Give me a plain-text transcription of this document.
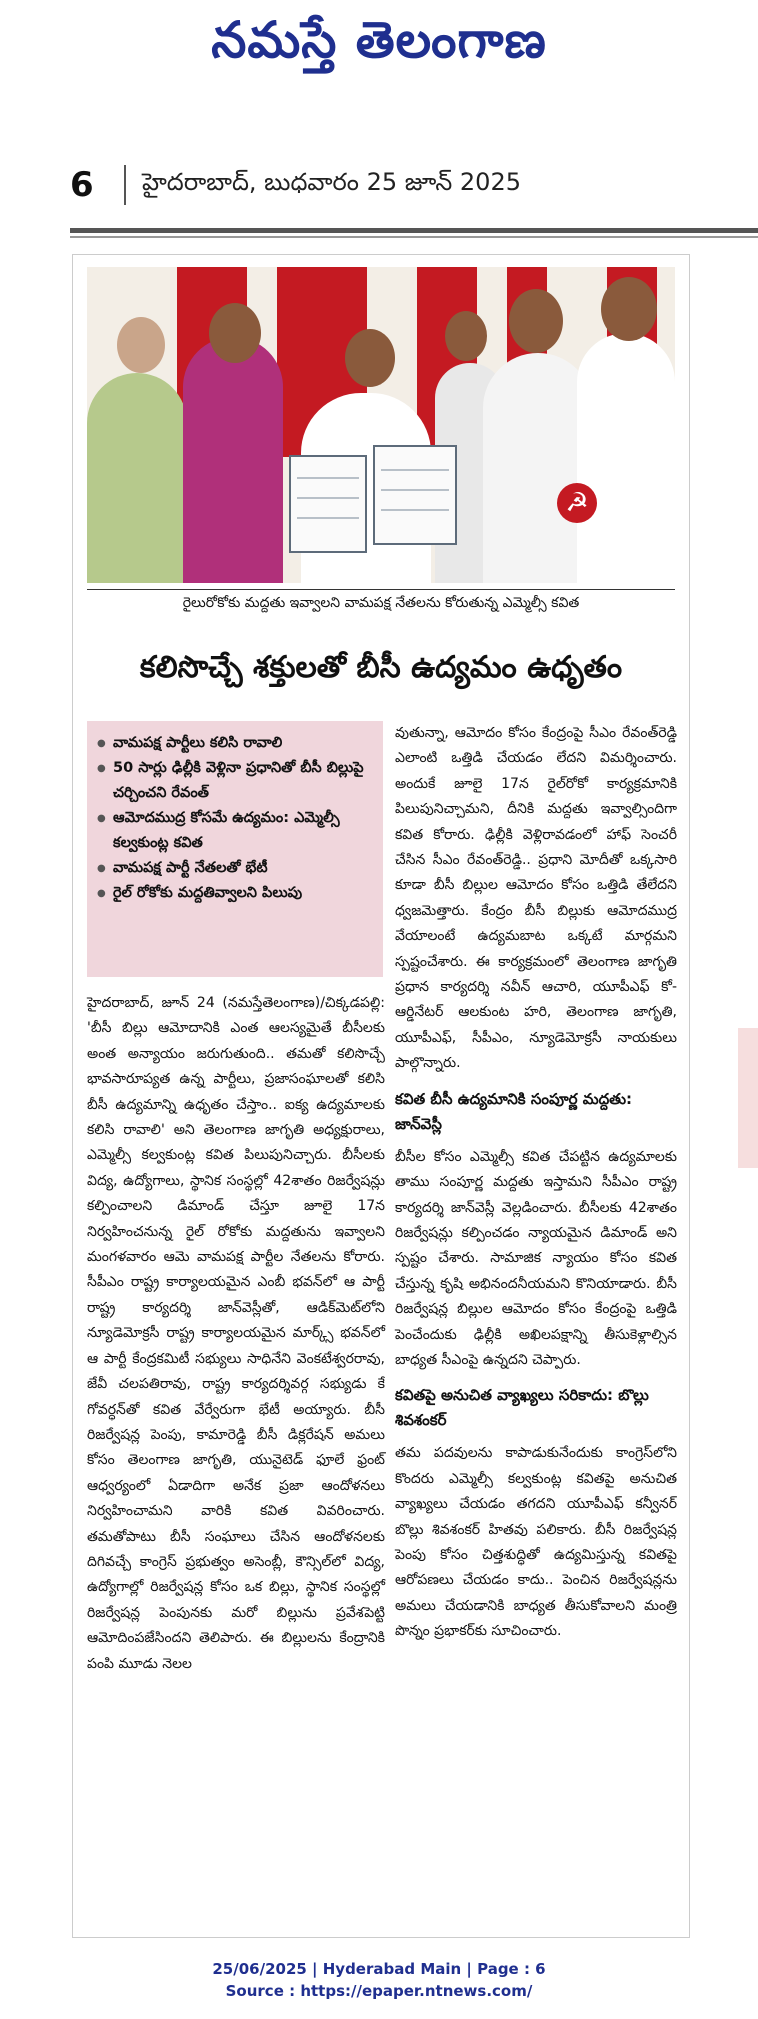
నమస్తే తెలంగాణ
6	హైదరాబాద్, బుధవారం 25 జూన్ 2025
☭
రైలురోకోకు మద్దతు ఇవ్వాలని వామపక్ష నేతలను కోరుతున్న ఎమ్మెల్సీ కవిత
కలిసొచ్చే శక్తులతో బీసీ ఉద్యమం ఉధృతం
● వామపక్ష పార్టీలు కలిసి రావాలి
● 50 సార్లు ఢిల్లీకి వెళ్లినా ప్రధానితో బీసీ బిల్లుపై చర్చించని రేవంత్
● ఆమోదముద్ర కోసమే ఉద్యమం: ఎమ్మెల్సీ కల్వకుంట్ల కవిత
● వామపక్ష పార్టీ నేతలతో భేటీ
● రైల్ రోకోకు మద్దతివ్వాలని పిలుపు
హైదరాబాద్, జూన్ 24 (నమస్తేతెలంగాణ)/చిక్కడపల్లి: 'బీసీ బిల్లు ఆమోదానికి ఎంత ఆలస్యమైతే బీసీలకు అంత అన్యాయం జరుగుతుంది.. తమతో కలిసొచ్చే భావసారూప్యత ఉన్న పార్టీలు, ప్రజాసంఘాలతో కలిసి బీసీ ఉద్యమాన్ని ఉధృతం చేస్తాం.. ఐక్య ఉద్యమాలకు కలిసి రావాలి' అని తెలంగాణ జాగృతి అధ్యక్షురాలు, ఎమ్మెల్సీ కల్వకుంట్ల కవిత పిలుపునిచ్చారు. బీసీలకు విద్య, ఉద్యోగాలు, స్థానిక సంస్థల్లో 42శాతం రిజర్వేషన్లు కల్పించాలని డిమాండ్ చేస్తూ జూలై 17న నిర్వహించనున్న రైల్ రోకోకు మద్దతును ఇవ్వాలని మంగళవారం ఆమె వామపక్ష పార్టీల నేతలను కోరారు. సీపీఎం రాష్ట్ర కార్యాలయమైన ఎంబీ భవన్‌లో ఆ పార్టీ రాష్ట్ర కార్యదర్శి జాన్‌వెస్లీతో, ఆడిక్‌మెట్‌లోని న్యూడెమోక్రసీ రాష్ట్ర కార్యాలయమైన మార్క్స్ భవన్‌లో ఆ పార్టీ కేంద్రకమిటీ సభ్యులు సాధినేని వెంకటేశ్వరరావు, జేవీ చలపతిరావు, రాష్ట్ర కార్యదర్శివర్గ సభ్యుడు కే గోవర్ధన్‌తో కవిత వేర్వేరుగా భేటీ అయ్యారు. బీసీ రిజర్వేషన్ల పెంపు, కామారెడ్డి బీసీ డిక్లరేషన్ అమలు కోసం తెలంగాణ జాగృతి, యునైటెడ్ ఫూలే ఫ్రంట్ ఆధ్వర్యంలో ఏడాదిగా అనేక ప్రజా ఆందోళనలు నిర్వహించామని వారికి కవిత వివరించారు. తమతోపాటు బీసీ సంఘాలు చేసిన ఆందోళనలకు దిగివచ్చే కాంగ్రెస్ ప్రభుత్వం అసెంబ్లీ, కౌన్సిల్‌లో విద్య, ఉద్యోగాల్లో రిజర్వేషన్ల కోసం ఒక బిల్లు, స్థానిక సంస్థల్లో రిజర్వేషన్ల పెంపునకు మరో బిల్లును ప్రవేశపెట్టి ఆమోదింపజేసిందని తెలిపారు. ఈ బిల్లులను కేంద్రానికి పంపి మూడు నెలల

వుతున్నా, ఆమోదం కోసం కేంద్రంపై సీఎం రేవంత్‌రెడ్డి ఎలాంటి ఒత్తిడి చేయడం లేదని విమర్శించారు. అందుకే జూలై 17న రైల్‌రోకో కార్యక్రమానికి పిలుపునిచ్చామని, దీనికి మద్దతు ఇవ్వాల్సిందిగా కవిత కోరారు. ఢిల్లీకి వెళ్లిరావడంలో హాఫ్ సెంచరీ చేసిన సీఎం రేవంత్‌రెడ్డి.. ప్రధాని మోదీతో ఒక్కసారి కూడా బీసీ బిల్లుల ఆమోదం కోసం ఒత్తిడి తేలేదని ధ్వజమెత్తారు. కేంద్రం బీసీ బిల్లుకు ఆమోదముద్ర వేయాలంటే ఉద్యమబాట ఒక్కటే మార్గమని స్పష్టంచేశారు. ఈ కార్యక్రమంలో తెలంగాణ జాగృతి ప్రధాన కార్యదర్శి నవీన్ ఆచారి, యూపీఎఫ్ కో-ఆర్డినేటర్ ఆలకుంట హరి, తెలంగాణ జాగృతి, యూపీఎఫ్, సీపీఎం, న్యూడెమోక్రసీ నాయకులు పాల్గొన్నారు.

కవిత బీసీ ఉద్యమానికి సంపూర్ణ మద్దతు: జాన్‌వెస్లీ

బీసీల కోసం ఎమ్మెల్సీ కవిత చేపట్టిన ఉద్యమాలకు తాము సంపూర్ణ మద్దతు ఇస్తామని సీపీఎం రాష్ట్ర కార్యదర్శి జాన్‌వెస్లీ వెల్లడించారు. బీసీలకు 42శాతం రిజర్వేషన్లు కల్పించడం న్యాయమైన డిమాండ్ అని స్పష్టం చేశారు. సామాజిక న్యాయం కోసం కవిత చేస్తున్న కృషి అభినందనీయమని కొనియాడారు. బీసీ రిజర్వేషన్ల బిల్లుల ఆమోదం కోసం కేంద్రంపై ఒత్తిడి పెంచేందుకు ఢిల్లీకి అఖిలపక్షాన్ని తీసుకెళ్లాల్సిన బాధ్యత సీఎంపై ఉన్నదని చెప్పారు.

కవితపై అనుచిత వ్యాఖ్యలు సరికాదు: బొల్లు శివశంకర్

తమ పదవులను కాపాడుకునేందుకు కాంగ్రెస్‌లోని కొందరు ఎమ్మెల్సీ కల్వకుంట్ల కవితపై అనుచిత వ్యాఖ్యలు చేయడం తగదని యూపీఎఫ్ కన్వీనర్ బొల్లు శివశంకర్ హితవు పలికారు. బీసీ రిజర్వేషన్ల పెంపు కోసం చిత్తశుద్ధితో ఉద్యమిస్తున్న కవితపై ఆరోపణలు చేయడం కాదు.. పెంచిన రిజర్వేషన్లను అమలు చేయడానికి బాధ్యత తీసుకోవాలని మంత్రి పొన్నం ప్రభాకర్‌కు సూచించారు.

25/06/2025 | Hyderabad Main | Page : 6
Source : https://epaper.ntnews.com/
